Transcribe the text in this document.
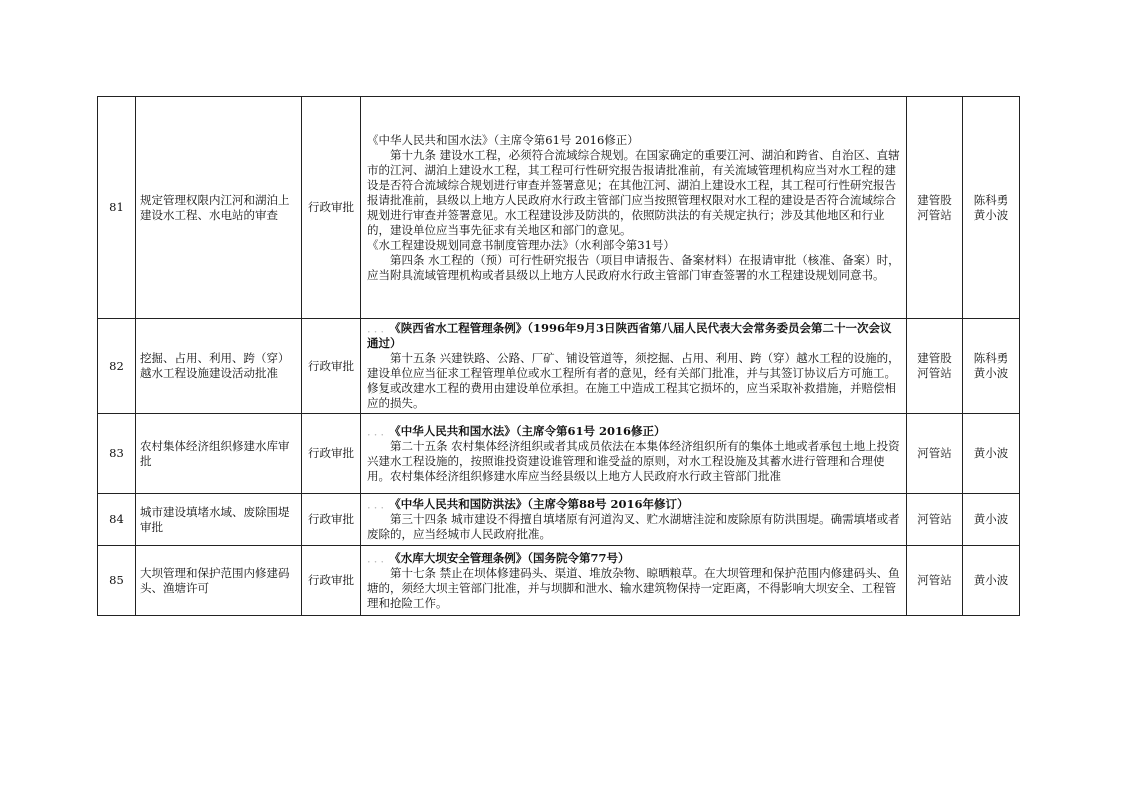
81	规定管理权限内江河和湖泊上建设水工程、水电站的审查	行政审批	《中华人民共和国水法》（主席令第61号 2016修正）
第十九条 建设水工程，必须符合流域综合规划。在国家确定的重要江河、湖泊和跨省、自治区、直辖市的江河、湖泊上建设水工程，其工程可行性研究报告报请批准前，有关流域管理机构应当对水工程的建设是否符合流域综合规划进行审查并签署意见；在其他江河、湖泊上建设水工程，其工程可行性研究报告报请批准前，县级以上地方人民政府水行政主管部门应当按照管理权限对水工程的建设是否符合流域综合规划进行审查并签署意见。水工程建设涉及防洪的，依照防洪法的有关规定执行；涉及其他地区和行业的，建设单位应当事先征求有关地区和部门的意见。
《水工程建设规划同意书制度管理办法》（水利部令第31号）
第四条 水工程的（预）可行性研究报告（项目申请报告、备案材料）在报请审批（核准、备案）时，应当附具流域管理机构或者县级以上地方人民政府水行政主管部门审查签署的水工程建设规划同意书。	建管股
河管站	陈科勇
黄小波

82	挖掘、占用、利用、跨（穿）越水工程设施建设活动批准	行政审批	．．． 《陕西省水工程管理条例》（1996年9月3日陕西省第八届人民代表大会常务委员会第二十一次会议通过）
第十五条 兴建铁路、公路、厂矿、铺设管道等，须挖掘、占用、利用、跨（穿）越水工程的设施的，建设单位应当征求工程管理单位或水工程所有者的意见，经有关部门批准，并与其签订协议后方可施工。修复或改建水工程的费用由建设单位承担。在施工中造成工程其它损坏的，应当采取补救措施，并赔偿相应的损失。	建管股
河管站	陈科勇
黄小波

83	农村集体经济组织修建水库审批	行政审批	．．． 《中华人民共和国水法》（主席令第61号 2016修正）
第二十五条 农村集体经济组织或者其成员依法在本集体经济组织所有的集体土地或者承包土地上投资兴建水工程设施的，按照谁投资建设谁管理和谁受益的原则，对水工程设施及其蓄水进行管理和合理使用。农村集体经济组织修建水库应当经县级以上地方人民政府水行政主管部门批准	河管站	黄小波

84	城市建设填堵水域、废除围堤审批	行政审批	．．． 《中华人民共和国防洪法》（主席令第88号 2016年修订）
第三十四条 城市建设不得擅自填堵原有河道沟叉、贮水湖塘洼淀和废除原有防洪围堤。确需填堵或者废除的，应当经城市人民政府批准。	河管站	黄小波

85	大坝管理和保护范围内修建码头、渔塘许可	行政审批	．．． 《水库大坝安全管理条例》（国务院令第77号）
第十七条 禁止在坝体修建码头、渠道、堆放杂物、晾晒粮草。在大坝管理和保护范围内修建码头、鱼塘的，须经大坝主管部门批准，并与坝脚和泄水、输水建筑物保持一定距离，不得影响大坝安全、工程管理和抢险工作。	河管站	黄小波
